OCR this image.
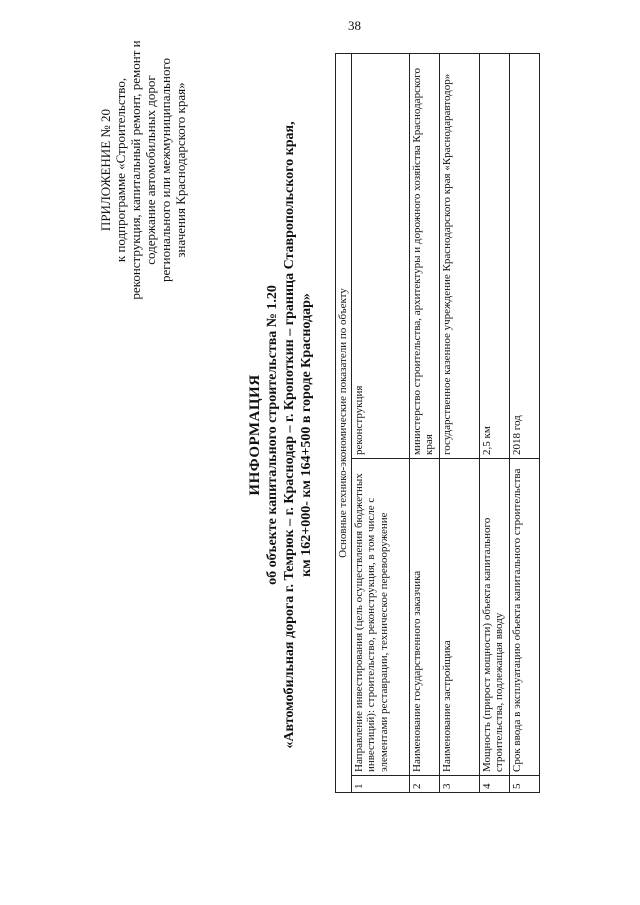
38
ПРИЛОЖЕНИЕ № 20 к подпрограмме «Строительство, реконструкция, капитальный ремонт, ремонт и содержание автомобильных дорог регионального или межмуниципального значения Краснодарского края»
ИНФОРМАЦИЯ об объекте капитального строительства № 1.20 «Автомобильная дорога г. Темрюк – г. Краснодар – г. Кропоткин – граница Ставропольского края, км 162+000- км 164+500 в городе Краснодар» Основные технико-экономические показатели по объекту		
1	Направление инвестирования (цель осуществления бюджетных инвестиций): строительство, реконструкция, в том числе с элементами реставрации, техническое перевооружение	реконструкция
2	Наименование государственного заказчика	министерство строительства, архитектуры и дорожного хозяйства Краснодарского края
3	Наименование застройщика	государственное казенное учреждение Краснодарского края «Краснодаравтодор»
4	Мощность (прирост мощности) объекта капитального строительства, подлежащая вводу	2,5 км
5	Срок ввода в эксплуатацию объекта капитального строительства	2018 год
